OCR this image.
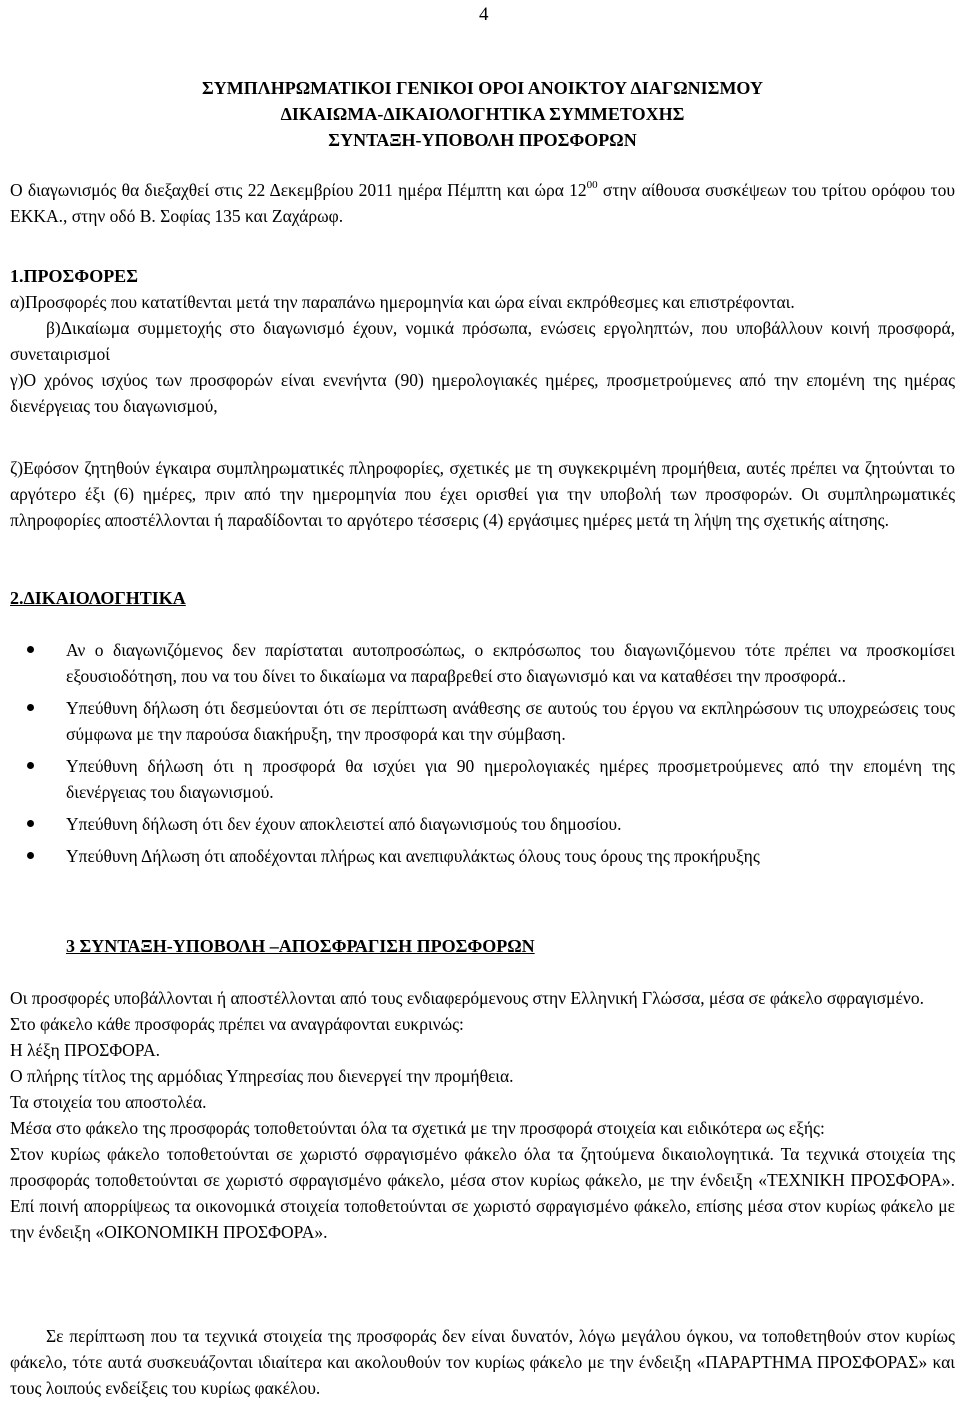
4
ΣΥΜΠΛΗΡΩΜΑΤΙΚΟΙ ΓΕΝΙΚΟΙ ΟΡΟΙ ΑΝΟΙΚΤΟΥ ΔΙΑΓΩΝΙΣΜΟΥ
ΔΙΚΑΙΩΜΑ-ΔΙΚΑΙΟΛΟΓΗΤΙΚΑ ΣΥΜΜΕΤΟΧΗΣ
ΣΥΝΤΑΞΗ-ΥΠΟΒΟΛΗ ΠΡΟΣΦΟΡΩΝ
Ο διαγωνισμός θα διεξαχθεί στις 22 Δεκεμβρίου 2011 ημέρα Πέμπτη και ώρα $12^{00}$ στην αίθουσα συσκέψεων του τρίτου ορόφου του ΕΚΚΑ., στην οδό Β. Σοφίας 135 και Ζαχάρωφ.

1.ΠΡΟΣΦΟΡΕΣ

α)Προσφορές που κατατίθενται μετά την παραπάνω ημερομηνία και ώρα είναι εκπρόθεσμες και επιστρέφονται.

β)Δικαίωμα συμμετοχής στο διαγωνισμό έχουν, νομικά πρόσωπα, ενώσεις εργοληπτών, που υποβάλλουν κοινή προσφορά, συνεταιρισμοί

γ)Ο χρόνος ισχύος των προσφορών είναι ενενήντα (90) ημερολογιακές ημέρες, προσμετρούμενες από την επομένη της ημέρας διενέργειας του διαγωνισμού,

ζ)Εφόσον ζητηθούν έγκαιρα συμπληρωματικές πληροφορίες, σχετικές με τη συγκεκριμένη προμήθεια, αυτές πρέπει να ζητούνται το αργότερο έξι (6) ημέρες, πριν από την ημερομηνία που έχει ορισθεί για την υποβολή των προσφορών. Οι συμπληρωματικές πληροφορίες αποστέλλονται ή παραδίδονται το αργότερο τέσσερις (4) εργάσιμες ημέρες μετά τη λήψη της σχετικής αίτησης.

2.ΔΙΚΑΙΟΛΟΓΗΤΙΚΑ

Αν ο διαγωνιζόμενος δεν παρίσταται αυτοπροσώπως, ο εκπρόσωπος του διαγωνιζόμενου τότε πρέπει να προσκομίσει εξουσιοδότηση, που να του δίνει το δικαίωμα να παραβρεθεί στο διαγωνισμό και να καταθέσει την προσφορά..
Υπεύθυνη δήλωση ότι δεσμεύονται ότι σε περίπτωση ανάθεσης σε αυτούς του έργου να εκπληρώσουν τις υποχρεώσεις τους σύμφωνα με την παρούσα διακήρυξη, την προσφορά και την σύμβαση.
Υπεύθυνη δήλωση ότι η προσφορά θα ισχύει για 90 ημερολογιακές ημέρες προσμετρούμενες από την επομένη της διενέργειας του διαγωνισμού.
Υπεύθυνη δήλωση ότι δεν έχουν αποκλειστεί από διαγωνισμούς του δημοσίου.
Υπεύθυνη Δήλωση ότι αποδέχονται πλήρως και ανεπιφυλάκτως όλους τους όρους της προκήρυξης

3 ΣΥΝΤΑΞΗ-ΥΠΟΒΟΛΗ –ΑΠΟΣΦΡΑΓΙΣΗ ΠΡΟΣΦΟΡΩΝ

Οι προσφορές υποβάλλονται ή αποστέλλονται από τους ενδιαφερόμενους στην Ελληνική Γλώσσα, μέσα σε φάκελο σφραγισμένο.

Στο φάκελο κάθε προσφοράς πρέπει να αναγράφονται ευκρινώς:

Η λέξη ΠΡΟΣΦΟΡΑ.

Ο πλήρης τίτλος της αρμόδιας Υπηρεσίας που διενεργεί την προμήθεια.

Τα στοιχεία του αποστολέα.

Μέσα στο φάκελο της προσφοράς τοποθετούνται όλα τα σχετικά με την προσφορά στοιχεία και ειδικότερα ως εξής:

Στον κυρίως φάκελο τοποθετούνται σε χωριστό σφραγισμένο φάκελο όλα τα ζητούμενα δικαιολογητικά. Τα τεχνικά στοιχεία της προσφοράς τοποθετούνται σε χωριστό σφραγισμένο φάκελο, μέσα στον κυρίως φάκελο, με την ένδειξη «ΤΕΧΝΙΚΗ ΠΡΟΣΦΟΡΑ». Επί ποινή απορρίψεως τα οικονομικά στοιχεία τοποθετούνται σε χωριστό σφραγισμένο φάκελο, επίσης μέσα στον κυρίως φάκελο με την ένδειξη «ΟΙΚΟΝΟΜΙΚΗ ΠΡΟΣΦΟΡΑ».

Σε περίπτωση που τα τεχνικά στοιχεία της προσφοράς δεν είναι δυνατόν, λόγω μεγάλου όγκου, να τοποθετηθούν στον κυρίως φάκελο, τότε αυτά συσκευάζονται ιδιαίτερα και ακολουθούν τον κυρίως φάκελο με την ένδειξη «ΠΑΡΑΡΤΗΜΑ ΠΡΟΣΦΟΡΑΣ» και τους λοιπούς ενδείξεις του κυρίως φακέλου.
